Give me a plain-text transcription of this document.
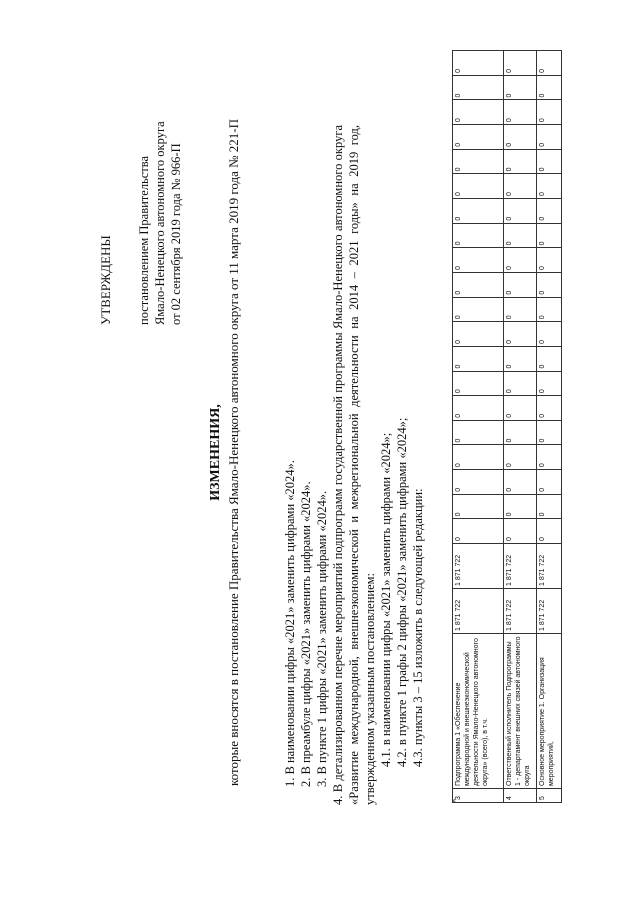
УТВЕРЖДЕНЫ постановлением Правительства Ямало-Ненецкого автономного округа от 02 сентября 2019 года № 966-П
ИЗМЕНЕНИЯ, которые вносятся в постановление Правительства Ямало-Ненецкого автономного округа от 11 марта 2019 года № 221-П	1. В наименовании цифры «2021» заменить цифрами «2024». 2. В преамбуле цифры «2021» заменить цифрами «2024». 3. В пункте 1 цифры «2021» заменить цифрами «2024». 4. В детализированном перечне мероприятий подпрограмм государственной программы Ямало-Ненецкого автономного округа «Развитие международной, внешнеэкономической и межрегиональной деятельности на 2014 – 2021 годы» на 2019 год, утвержденном указанным постановлением: 4.1. в наименовании цифры «2021» заменить цифрами «2024»; 4.2. в пункте 1 графы 2 цифры «2021» заменить цифрами «2024»; 4.3. пункты 3 – 15 изложить в следующей редакции:

«
3	Подпрограмма 1 «Обеспечение международной и внешнеэкономической деятельности Ямало-Ненецкого автономного округа» (всего), в т.ч.	1 871 722	1 871 722	0	0	0	0	0	0	0	0	0	0	0	0	0	0	0	0	0	0	0	0
4	Ответственный исполнитель Подпрограммы 1 - департамент внешних связей автономного округа	1 871 722	1 871 722	0	0	0	0	0	0	0	0	0	0	0	0	0	0	0	0	0	0	0	0
5	Основное мероприятие 1. Организация мероприятий,	1 871 722	1 871 722	0	0	0	0	0	0	0	0	0	0	0	0	0	0	0	0	0	0	0	0
